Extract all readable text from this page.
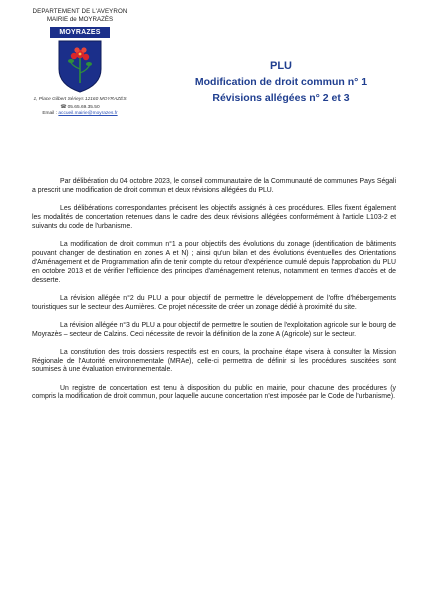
DEPARTEMENT DE L'AVEYRON
MAIRIE de MOYRAZÈS
MOYRAZES
1, Place Gilbert Sérieys 12160 MOYRAZÈS
☎05.65.69.35.50
Email : accueil.mairie@moyrazes.fr
PLU
Modification de droit commun n° 1
Révisions allégées n° 2 et 3

Par délibération du 04 octobre 2023, le conseil communautaire de la Communauté de communes Pays Ségali a prescrit une modification de droit commun et deux révisions allégées du PLU.

Les délibérations correspondantes précisent les objectifs assignés à ces procédures. Elles fixent également les modalités de concertation retenues dans le cadre des deux révisions allégées conformément à l'article L103-2 et suivants du code de l'urbanisme.

La modification de droit commun n°1 a pour objectifs des évolutions du zonage (identification de bâtiments pouvant changer de destination en zones A et N) ; ainsi qu'un bilan et des évolutions éventuelles des Orientations d'Aménagement et de Programmation afin de tenir compte du retour d'expérience cumulé depuis l'approbation du PLU en octobre 2013 et de vérifier l'efficience des principes d'aménagement retenus, notamment en termes d'accès et de desserte.

La révision allégée n°2 du PLU a pour objectif de permettre le développement de l'offre d'hébergements touristiques sur le secteur des Aumières. Ce projet nécessite de créer un zonage dédié à proximité du site.

La révision allégée n°3 du PLU a pour objectif de permettre le soutien de l'exploitation agricole sur le bourg de Moyrazès – secteur de Calzins. Ceci nécessite de revoir la définition de la zone A (Agricole) sur le secteur.

La constitution des trois dossiers respectifs est en cours, la prochaine étape visera à consulter la Mission Régionale de l'Autorité environnementale (MRAe), celle-ci permettra de définir si les procédures suscitées sont soumises à une évaluation environnementale.

Un registre de concertation est tenu à disposition du public en mairie, pour chacune des procédures (y compris la modification de droit commun, pour laquelle aucune concertation n'est imposée par le Code de l'urbanisme).
